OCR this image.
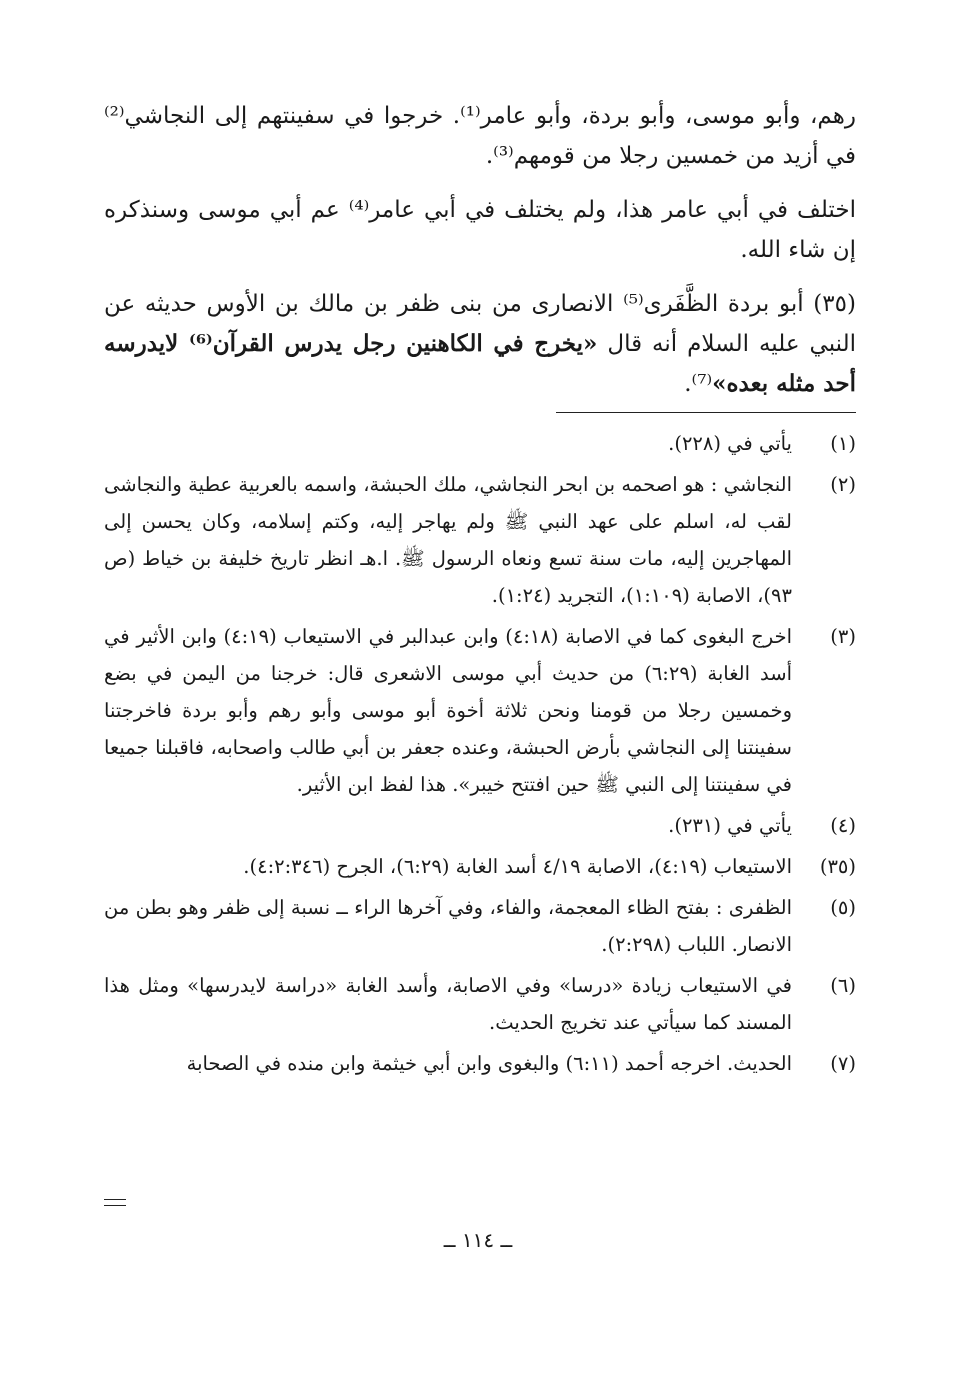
رهم، وأبو موسى، وأبو بردة، وأبو عامر⁽¹⁾. خرجوا في سفينتهم إلى النجاشي⁽²⁾ في أزيد من خمسين رجلا من قومهم⁽³⁾.

اختلف في أبي عامر هذا، ولم يختلف في أبي عامر⁽⁴⁾ عم أبي موسى وسنذكره إن شاء الله.

(٣٥) أبو بردة الظَّفَرى⁽⁵⁾ الانصارى من بنى ظفر بن مالك بن الأوس حديثه عن النبي عليه السلام أنه قال «يخرج في الكاهنين رجل يدرس القرآن⁽⁶⁾ لايدرسه أحد مثله بعده»⁽⁷⁾.

(١)
يأتي في (٢٢٨).
(٢)
النجاشي : هو اصحمه بن ابحر النجاشي، ملك الحبشة، واسمه بالعربية عطية والنجاشى لقب له، اسلم على عهد النبي ﷺ ولم يهاجر إليه، وكتم إسلامه، وكان يحسن إلى المهاجرين إليه، مات سنة تسع ونعاه الرسول ﷺ. ا.هـ انظر تاريخ خليفة بن خياط (ص ٩٣)، الاصابة (١:١٠٩)، التجريد (١:٢٤).
(٣)
اخرج البغوى كما في الاصابة (٤:١٨) وابن عبدالبر في الاستيعاب (٤:١٩) وابن الأثير في أسد الغابة (٦:٢٩) من حديث أبي موسى الاشعرى قال: خرجنا من اليمن في بضع وخمسين رجلا من قومنا ونحن ثلاثة أخوة أبو موسى وأبو رهم وأبو بردة فاخرجتنا سفينتنا إلى النجاشي بأرض الحبشة، وعنده جعفر بن أبي طالب واصحابه، فاقبلنا جميعا في سفينتنا إلى النبي ﷺ حين افتتح خيبر». هذا لفظ ابن الأثير.
(٤)
يأتي في (٢٣١).
(٣٥)
الاستيعاب (٤:١٩)، الاصابة ٤/١٩ أسد الغابة (٦:٢٩)، الجرح (٤:٢:٣٤٦).
(٥)
الظفرى : بفتح الظاء المعجمة، والفاء، وفي آخرها الراء ــ نسبة إلى ظفر وهو بطن من الانصار. اللباب (٢:٢٩٨).
(٦)
في الاستيعاب زيادة «درسا» وفي الاصابة، وأسد الغابة «دراسة لايدرسها» ومثل هذا المسند كما سيأتي عند تخريج الحديث.
(٧)
الحديث. اخرجه أحمد (٦:١١) والبغوى وابن أبي خيثمة وابن منده في الصحابة
ــ ١١٤ ــ
